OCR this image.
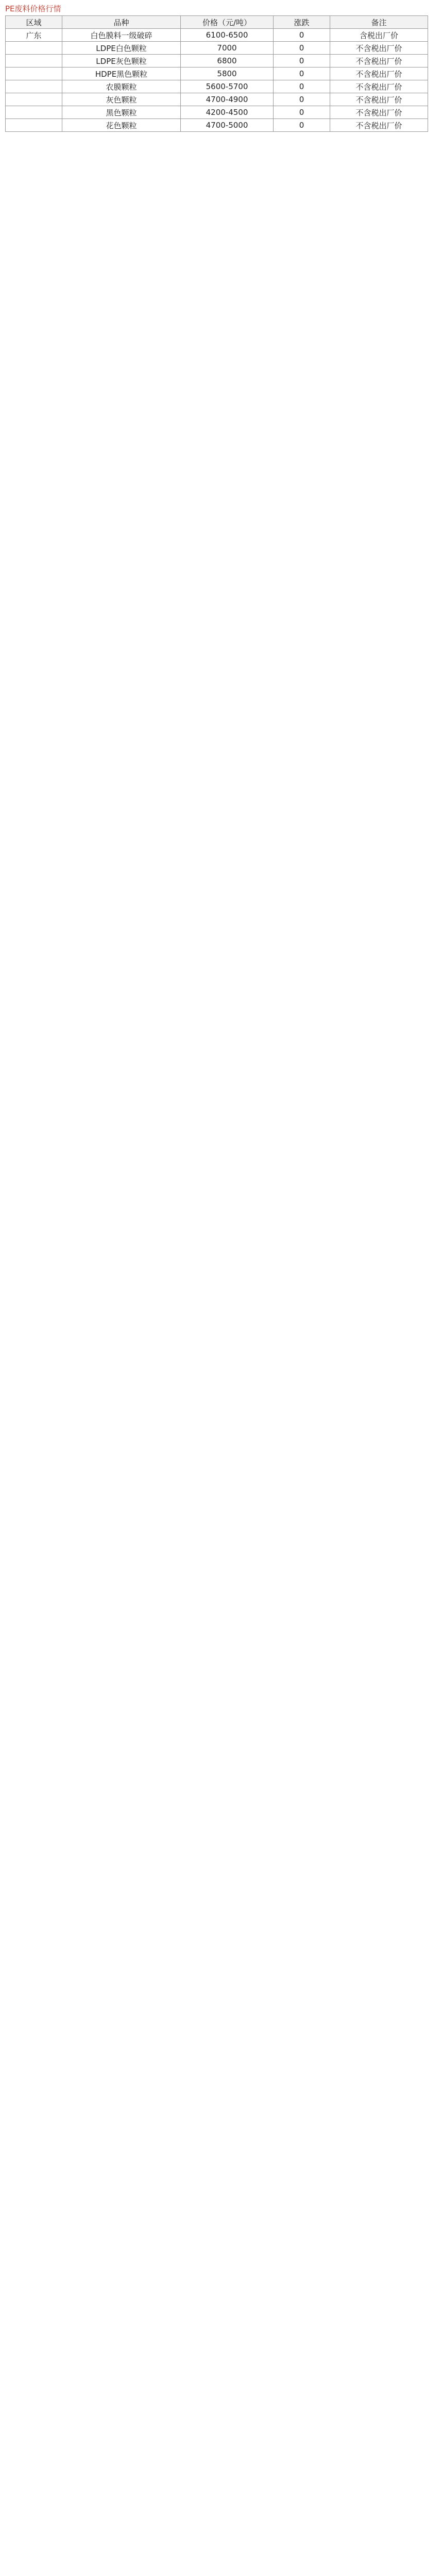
PE废料价格行情
区域	品种	价格（元/吨）	涨跌	备注
广东	白色膜料一级破碎	6100-6500	0	含税出厂价
	LDPE白色颗粒	7000	0	不含税出厂价
	LDPE灰色颗粒	6800	0	不含税出厂价
	HDPE黑色颗粒	5800	0	不含税出厂价
	农膜颗粒	5600-5700	0	不含税出厂价
	灰色颗粒	4700-4900	0	不含税出厂价
	黑色颗粒	4200-4500	0	不含税出厂价
	花色颗粒	4700-5000	0	不含税出厂价
